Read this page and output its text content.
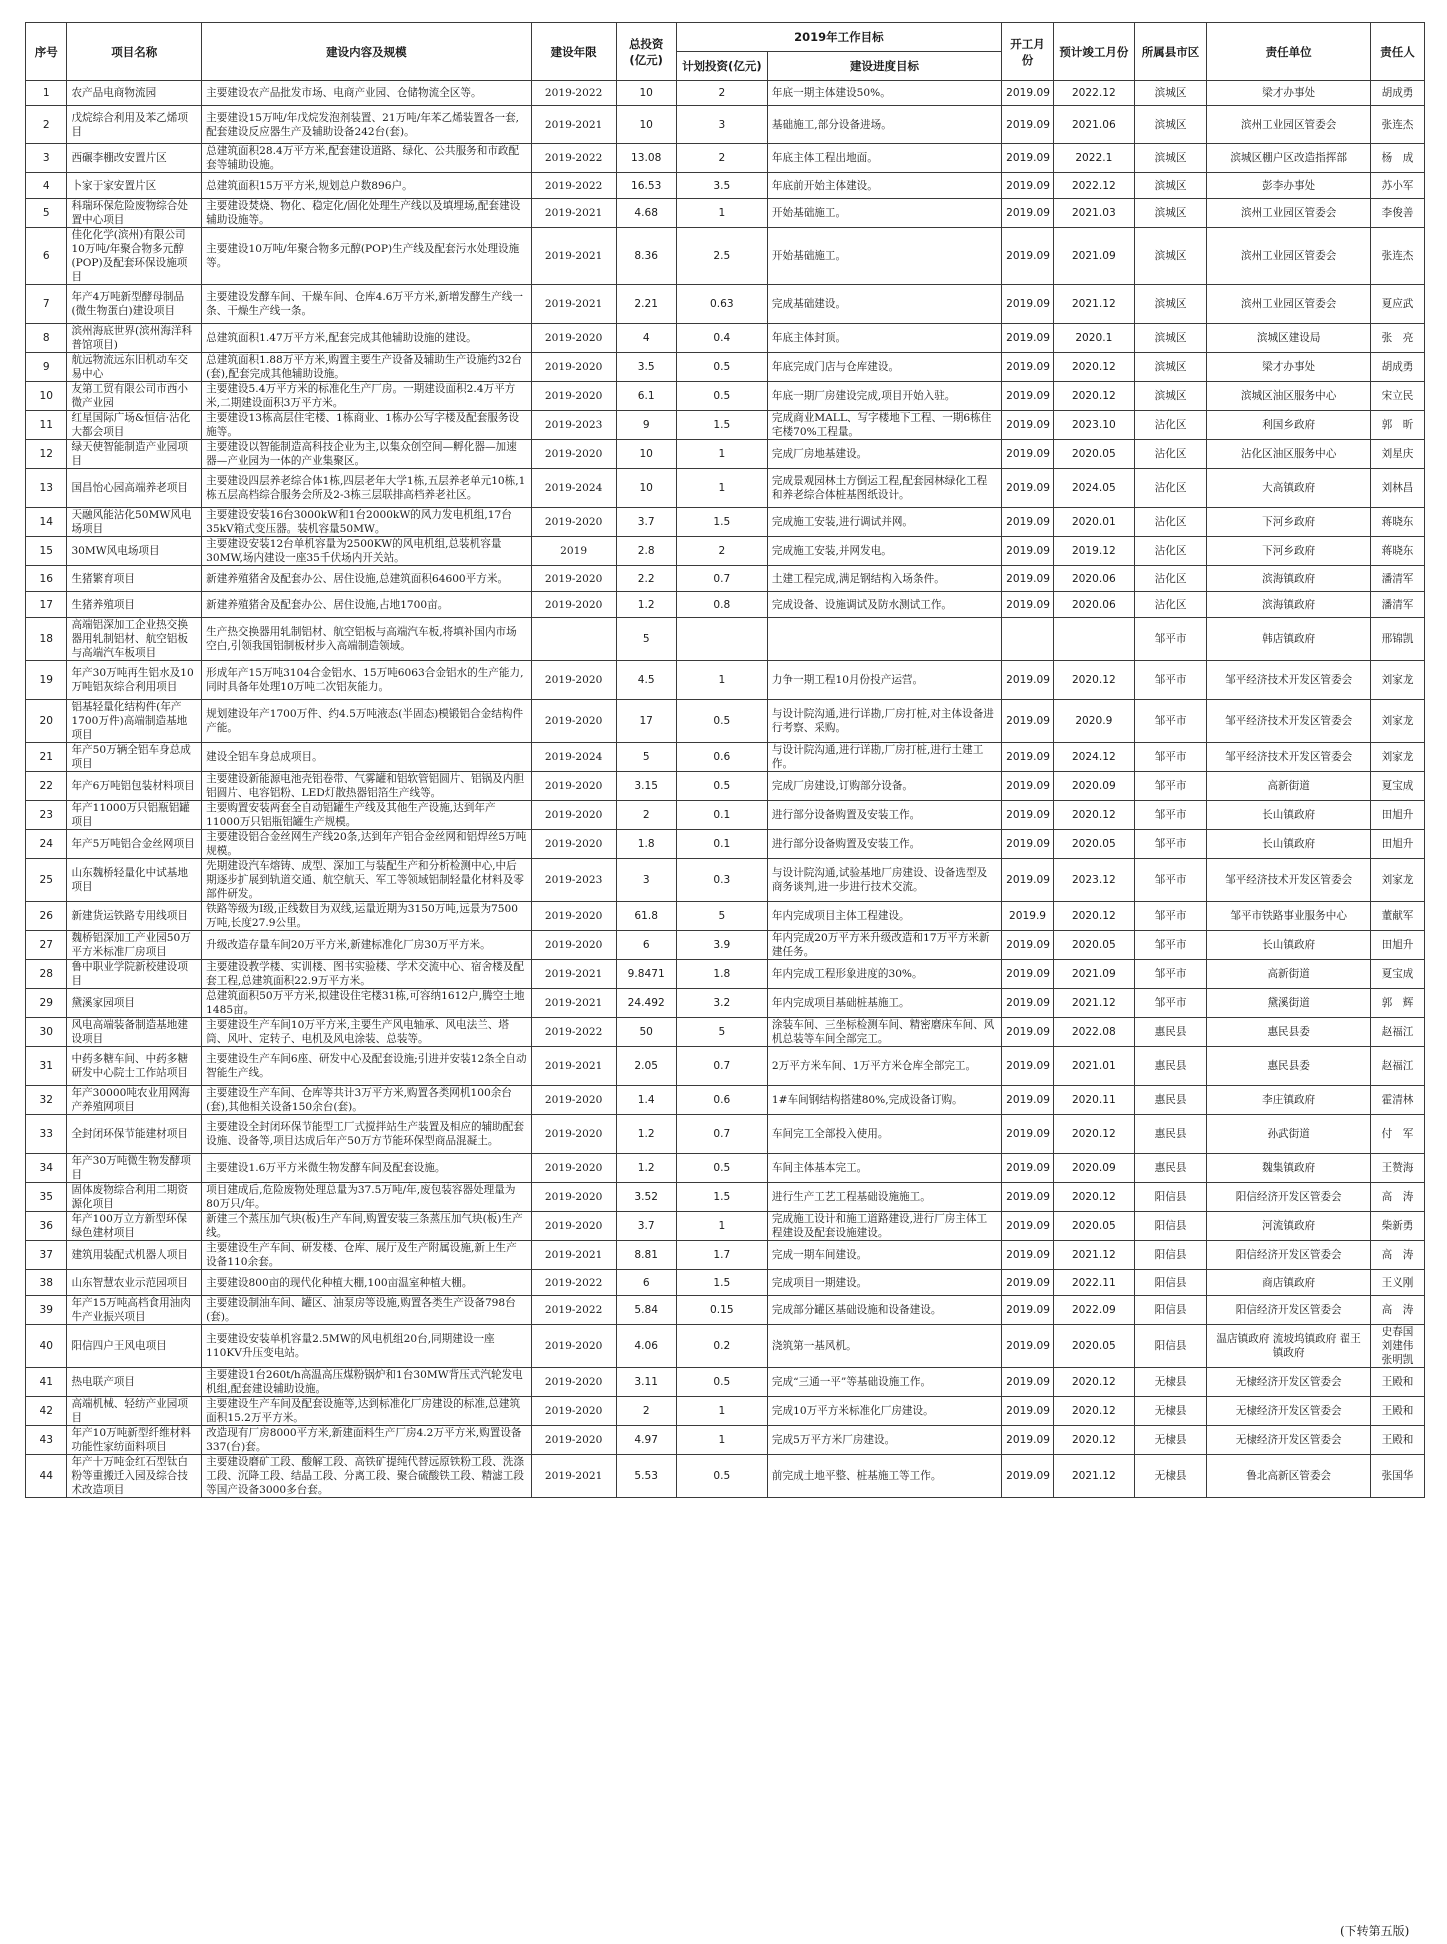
序号	项目名称	建设内容及规模	建设年限	总投资(亿元)	2019年工作目标		开工月份	预计竣工月份	所属县市区	责任单位	责任人
					计划投资(亿元)	建设进度目标					
1	农产品电商物流园	主要建设农产品批发市场、电商产业园、仓储物流全区等。	2019-2022	10	2	年底一期主体建设50%。	2019.09	2022.12	滨城区	梁才办事处	胡成勇
2	戊烷综合利用及苯乙烯项目	主要建设15万吨/年戊烷发泡剂装置、21万吨/年苯乙烯装置各一套,配套建设反应器生产及辅助设备242台(套)。	2019-2021	10	3	基础施工,部分设备进场。	2019.09	2021.06	滨城区	滨州工业园区管委会	张连杰
3	西碾李棚改安置片区	总建筑面积28.4万平方米,配套建设道路、绿化、公共服务和市政配套等辅助设施。	2019-2022	13.08	2	年底主体工程出地面。	2019.09	2022.1	滨城区	滨城区棚户区改造指挥部	杨　成
4	卜家于家安置片区	总建筑面积15万平方米,规划总户数896户。	2019-2022	16.53	3.5	年底前开始主体建设。	2019.09	2022.12	滨城区	彭李办事处	苏小军
5	科瑞环保危险废物综合处置中心项目	主要建设焚烧、物化、稳定化/固化处理生产线以及填埋场,配套建设辅助设施等。	2019-2021	4.68	1	开始基础施工。	2019.09	2021.03	滨城区	滨州工业园区管委会	李俊善
6	佳化化学(滨州)有限公司10万吨/年聚合物多元醇(POP)及配套环保设施项目	主要建设10万吨/年聚合物多元醇(POP)生产线及配套污水处理设施等。	2019-2021	8.36	2.5	开始基础施工。	2019.09	2021.09	滨城区	滨州工业园区管委会	张连杰
7	年产4万吨新型酵母制品(微生物蛋白)建设项目	主要建设发酵车间、干燥车间、仓库4.6万平方米,新增发酵生产线一条、干燥生产线一条。	2019-2021	2.21	0.63	完成基础建设。	2019.09	2021.12	滨城区	滨州工业园区管委会	夏应武
8	滨州海底世界(滨州海洋科普馆项目)	总建筑面积1.47万平方米,配套完成其他辅助设施的建设。	2019-2020	4	0.4	年底主体封顶。	2019.09	2020.1	滨城区	滨城区建设局	张　亮
9	航远物流远东旧机动车交易中心	总建筑面积1.88万平方米,购置主要生产设备及辅助生产设施约32台(套),配套完成其他辅助设施。	2019-2020	3.5	0.5	年底完成门店与仓库建设。	2019.09	2020.12	滨城区	梁才办事处	胡成勇
10	友第工贸有限公司市西小微产业园	主要建设5.4万平方米的标准化生产厂房。一期建设面积2.4万平方米,二期建设面积3万平方米。	2019-2020	6.1	0.5	年底一期厂房建设完成,项目开始入驻。	2019.09	2020.12	滨城区	滨城区油区服务中心	宋立民
11	红星国际广场&恒信·沾化大都会项目	主要建设13栋高层住宅楼、1栋商业、1栋办公写字楼及配套服务设施等。	2019-2023	9	1.5	完成商业MALL、写字楼地下工程、一期6栋住宅楼70%工程量。	2019.09	2023.10	沾化区	利国乡政府	郭　昕
12	绿天使智能制造产业园项目	主要建设以智能制造高科技企业为主,以集众创空间—孵化器—加速器—产业园为一体的产业集聚区。	2019-2020	10	1	完成厂房地基建设。	2019.09	2020.05	沾化区	沾化区油区服务中心	刘星庆
13	国昌怡心园高端养老项目	主要建设四层养老综合体1栋,四层老年大学1栋,五层养老单元10栋,1栋五层高档综合服务会所及2-3栋三层联排高档养老社区。	2019-2024	10	1	完成景观园林土方倒运工程,配套园林绿化工程和养老综合体桩基图纸设计。	2019.09	2024.05	沾化区	大高镇政府	刘林昌
14	天融风能沾化50MW风电场项目	主要建设安装16台3000kW和1台2000kW的风力发电机组,17台35kV箱式变压器。装机容量50MW。	2019-2020	3.7	1.5	完成施工安装,进行调试并网。	2019.09	2020.01	沾化区	下河乡政府	蒋晓东
15	30MW风电场项目	主要建设安装12台单机容量为2500KW的风电机组,总装机容量30MW,场内建设一座35千伏场内开关站。	2019	2.8	2	完成施工安装,并网发电。	2019.09	2019.12	沾化区	下河乡政府	蒋晓东
16	生猪繁育项目	新建养殖猪舍及配套办公、居住设施,总建筑面积64600平方米。	2019-2020	2.2	0.7	土建工程完成,满足钢结构入场条件。	2019.09	2020.06	沾化区	滨海镇政府	潘清军
17	生猪养殖项目	新建养殖猪舍及配套办公、居住设施,占地1700亩。	2019-2020	1.2	0.8	完成设备、设施调试及防水测试工作。	2019.09	2020.06	沾化区	滨海镇政府	潘清军
18	高端铝深加工企业热交换器用轧制铝材、航空铝板与高端汽车板项目	生产热交换器用轧制铝材、航空铝板与高端汽车板,将填补国内市场空白,引领我国铝制板材步入高端制造领域。		5					邹平市	韩店镇政府	邢锦凯
19	年产30万吨再生铝水及10万吨铝灰综合利用项目	形成年产15万吨3104合金铝水、15万吨6063合金铝水的生产能力,同时具备年处理10万吨二次铝灰能力。	2019-2020	4.5	1	力争一期工程10月份投产运营。	2019.09	2020.12	邹平市	邹平经济技术开发区管委会	刘家龙
20	铝基轻量化结构件(年产1700万件)高端制造基地项目	规划建设年产1700万件、约4.5万吨液态(半固态)模锻铝合金结构件产能。	2019-2020	17	0.5	与设计院沟通,进行详勘,厂房打桩,对主体设备进行考察、采购。	2019.09	2020.9	邹平市	邹平经济技术开发区管委会	刘家龙
21	年产50万辆全铝车身总成项目	建设全铝车身总成项目。	2019-2024	5	0.6	与设计院沟通,进行详勘,厂房打桩,进行土建工作。	2019.09	2024.12	邹平市	邹平经济技术开发区管委会	刘家龙
22	年产6万吨铝包装材料项目	主要建设新能源电池壳铝卷带、气雾罐和铝软管铝圆片、铝锅及内胆铝圆片、电容铝粉、LED灯散热器铝箔生产线等。	2019-2020	3.15	0.5	完成厂房建设,订购部分设备。	2019.09	2020.09	邹平市	高新街道	夏宝成
23	年产11000万只铝瓶铝罐项目	主要购置安装两套全自动铝罐生产线及其他生产设施,达到年产11000万只铝瓶铝罐生产规模。	2019-2020	2	0.1	进行部分设备购置及安装工作。	2019.09	2020.12	邹平市	长山镇政府	田旭升
24	年产5万吨铝合金丝网项目	主要建设铝合金丝网生产线20条,达到年产铝合金丝网和铝焊丝5万吨规模。	2019-2020	1.8	0.1	进行部分设备购置及安装工作。	2019.09	2020.05	邹平市	长山镇政府	田旭升
25	山东魏桥轻量化中试基地项目	先期建设汽车熔铸、成型、深加工与装配生产和分析检测中心,中后期逐步扩展到轨道交通、航空航天、军工等领域铝制轻量化材料及零部件研发。	2019-2023	3	0.3	与设计院沟通,试验基地厂房建设、设备选型及商务谈判,进一步进行技术交流。	2019.09	2023.12	邹平市	邹平经济技术开发区管委会	刘家龙
26	新建货运铁路专用线项目	铁路等级为I级,正线数目为双线,运量近期为3150万吨,远景为7500万吨,长度27.9公里。	2019-2020	61.8	5	年内完成项目主体工程建设。	2019.9	2020.12	邹平市	邹平市铁路事业服务中心	董献军
27	魏桥铝深加工产业园50万平方米标准厂房项目	升级改造存量车间20万平方米,新建标准化厂房30万平方米。	2019-2020	6	3.9	年内完成20万平方米升级改造和17万平方米新建任务。	2019.09	2020.05	邹平市	长山镇政府	田旭升
28	鲁中职业学院新校建设项目	主要建设教学楼、实训楼、图书实验楼、学术交流中心、宿舍楼及配套工程,总建筑面积22.9万平方米。	2019-2021	9.8471	1.8	年内完成工程形象进度的30%。	2019.09	2021.09	邹平市	高新街道	夏宝成
29	黛溪家园项目	总建筑面积50万平方米,拟建设住宅楼31栋,可容纳1612户,腾空土地1485亩。	2019-2021	24.492	3.2	年内完成项目基础桩基施工。	2019.09	2021.12	邹平市	黛溪街道	郭　辉
30	风电高端装备制造基地建设项目	主要建设生产车间10万平方米,主要生产风电轴承、风电法兰、塔筒、风叶、定转子、电机及风电涂装、总装等。	2019-2022	50	5	涂装车间、三坐标检测车间、精密磨床车间、风机总装等车间全部完工。	2019.09	2022.08	惠民县	惠民县委	赵福江
31	中药多糖车间、中药多糖研发中心院士工作站项目	主要建设生产车间6座、研发中心及配套设施;引进并安装12条全自动智能生产线。	2019-2021	2.05	0.7	2万平方米车间、1万平方米仓库全部完工。	2019.09	2021.01	惠民县	惠民县委	赵福江
32	年产30000吨农业用网海产养殖网项目	主要建设生产车间、仓库等共计3万平方米,购置各类网机100余台(套),其他相关设备150余台(套)。	2019-2020	1.4	0.6	1#车间钢结构搭建80%,完成设备订购。	2019.09	2020.11	惠民县	李庄镇政府	霍清林
33	全封闭环保节能建材项目	主要建设全封闭环保节能型工厂式搅拌站生产装置及相应的辅助配套设施、设备等,项目达成后年产50万方节能环保型商品混凝土。	2019-2020	1.2	0.7	车间完工全部投入使用。	2019.09	2020.12	惠民县	孙武街道	付　军
34	年产30万吨微生物发酵项目	主要建设1.6万平方米微生物发酵车间及配套设施。	2019-2020	1.2	0.5	车间主体基本完工。	2019.09	2020.09	惠民县	魏集镇政府	王赞海
35	固体废物综合利用二期资源化项目	项目建成后,危险废物处理总量为37.5万吨/年,废包装容器处理量为80万只/年。	2019-2020	3.52	1.5	进行生产工艺工程基础设施施工。	2019.09	2020.12	阳信县	阳信经济开发区管委会	高　涛
36	年产100万立方新型环保绿色建材项目	新建三个蒸压加气块(板)生产车间,购置安装三条蒸压加气块(板)生产线。	2019-2020	3.7	1	完成施工设计和施工道路建设,进行厂房主体工程建设及配套设施建设。	2019.09	2020.05	阳信县	河流镇政府	柴新勇
37	建筑用装配式机器人项目	主要建设生产车间、研发楼、仓库、展厅及生产附属设施,新上生产设备110余套。	2019-2021	8.81	1.7	完成一期车间建设。	2019.09	2021.12	阳信县	阳信经济开发区管委会	高　涛
38	山东智慧农业示范园项目	主要建设800亩的现代化种植大棚,100亩温室种植大棚。	2019-2022	6	1.5	完成项目一期建设。	2019.09	2022.11	阳信县	商店镇政府	王义刚
39	年产15万吨高档食用油肉牛产业振兴项目	主要建设制油车间、罐区、油泵房等设施,购置各类生产设备798台(套)。	2019-2022	5.84	0.15	完成部分罐区基础设施和设备建设。	2019.09	2022.09	阳信县	阳信经济开发区管委会	高　涛
40	阳信四户王风电项目	主要建设安装单机容量2.5MW的风电机组20台,同期建设一座110KV升压变电站。	2019-2020	4.06	0.2	浇筑第一基风机。	2019.09	2020.05	阳信县	温店镇政府 流坡坞镇政府 翟王镇政府	史春国 刘建伟 张明凯
41	热电联产项目	主要建设1台260t/h高温高压煤粉锅炉和1台30MW背压式汽轮发电机组,配套建设辅助设施。	2019-2020	3.11	0.5	完成“三通一平”等基础设施工作。	2019.09	2020.12	无棣县	无棣经济开发区管委会	王殿和
42	高端机械、轻纺产业园项目	主要建设生产车间及配套设施等,达到标准化厂房建设的标准,总建筑面积15.2万平方米。	2019-2020	2	1	完成10万平方米标准化厂房建设。	2019.09	2020.12	无棣县	无棣经济开发区管委会	王殿和
43	年产10万吨新型纤维材料功能性家纺面料项目	改造现有厂房8000平方米,新建面料生产厂房4.2万平方米,购置设备337(台)套。	2019-2020	4.97	1	完成5万平方米厂房建设。	2019.09	2020.12	无棣县	无棣经济开发区管委会	王殿和
44	年产十万吨金红石型钛白粉等重搬迁入园及综合技术改造项目	主要建设磨矿工段、酸解工段、高铁矿提纯代替远原铁粉工段、洗涤工段、沉降工段、结晶工段、分离工段、聚合硫酸铁工段、精滤工段等国产设备3000多台套。	2019-2021	5.53	0.5	前完成土地平整、桩基施工等工作。	2019.09	2021.12	无棣县	鲁北高新区管委会	张国华
(下转第五版)
